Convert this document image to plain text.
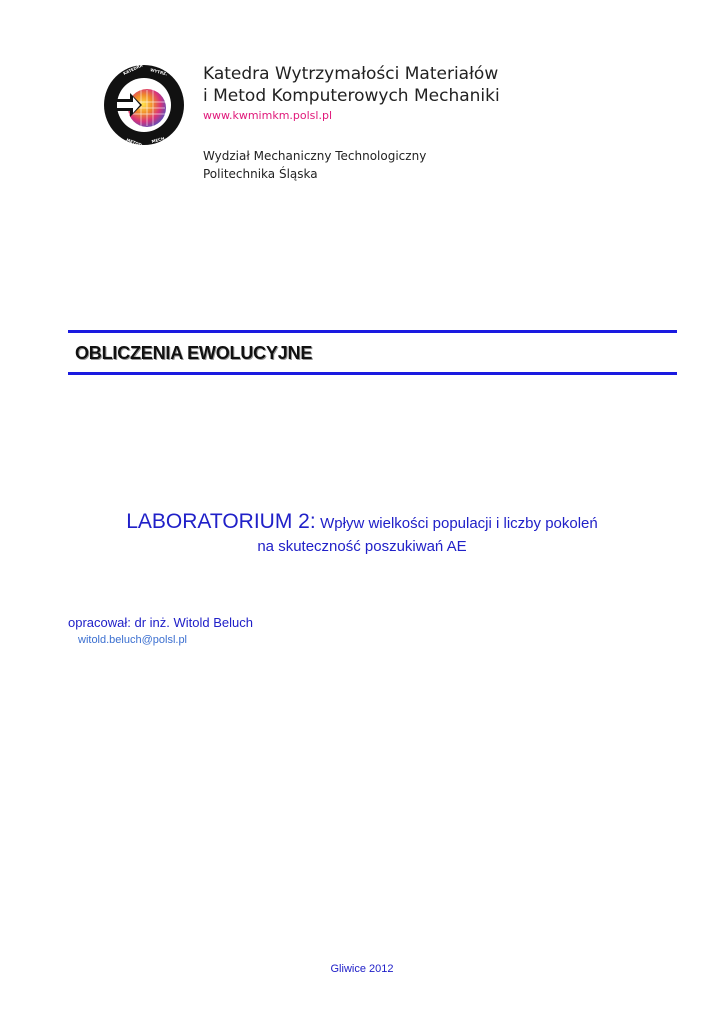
KATEDRA WYTRZ.
METOD MECH.
Katedra Wytrzymałości Materiałów
i Metod Komputerowych Mechaniki
www.kwmimkm.polsl.pl
Wydział Mechaniczny Technologiczny
Politechnika Śląska
OBLICZENIA EWOLUCYJNE
LABORATORIUM 2: Wpływ wielkości populacji i liczby pokoleń
na skuteczność poszukiwań AE
opracował: dr inż. Witold Beluch
witold.beluch@polsl.pl
Gliwice 2012
